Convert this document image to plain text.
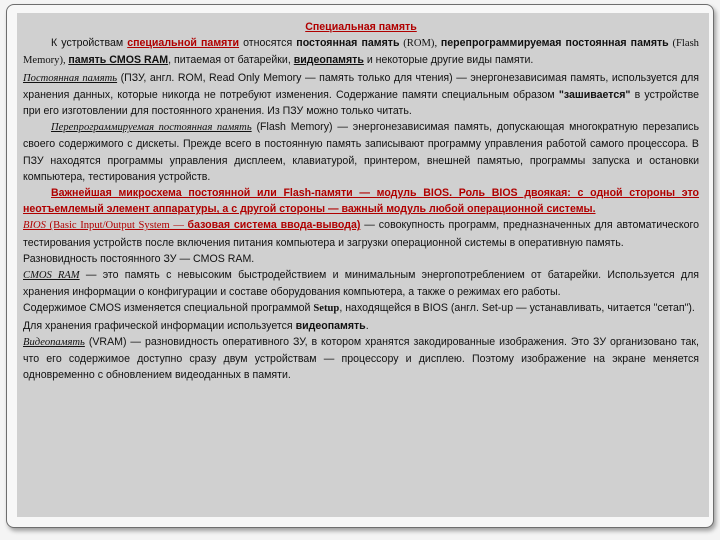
Специальная память

К устройствам специальной памяти относятся постоянная память (ROM), перепрограммируемая постоянная память (Flash Memory), память CMOS RAM, питаемая от батарейки, видеопамять и некоторые другие виды памяти.

Постоянная память (ПЗУ, англ. ROM, Read Only Memory — память только для чтения) — энергонезависимая память, используется для хранения данных, которые никогда не потребуют изменения. Содержание памяти специальным образом "зашивается" в устройстве при его изготовлении для постоянного хранения. Из ПЗУ можно только читать.

Перепрограммируемая постоянная память (Flash Memory) — энергонезависимая память, допускающая многократную перезапись своего содержимого с дискеты. Прежде всего в постоянную память записывают программу управления работой самого процессора. В ПЗУ находятся программы управления дисплеем, клавиатурой, принтером, внешней памятью, программы запуска и остановки компьютера, тестирования устройств.

Важнейшая микросхема постоянной или Flash-памяти — модуль BIOS. Роль BIOS двоякая: с одной стороны это неотъемлемый элемент аппаратуры, а с другой стороны — важный модуль любой операционной системы.

BIOS (Basic Input/Output System — базовая система ввода-вывода) — совокупность программ, предназначенных для автоматического тестирования устройств после включения питания компьютера и загрузки операционной системы в оперативную память.

Разновидность постоянного ЗУ — CMOS RAM.

CMOS RAM — это память с невысоким быстродействием и минимальным энергопотреблением от батарейки. Используется для хранения информации о конфигурации и составе оборудования компьютера, а также о режимах его работы.

Содержимое CMOS изменяется специальной программой Setup, находящейся в BIOS (англ. Set-up — устанавливать, читается "сетап").

Для хранения графической информации используется видеопамять.

Видеопамять (VRAM) — разновидность оперативного ЗУ, в котором хранятся закодированные изображения. Это ЗУ организовано так, что его содержимое доступно сразу двум устройствам — процессору и дисплею. Поэтому изображение на экране меняется одновременно с обновлением видеоданных в памяти.
